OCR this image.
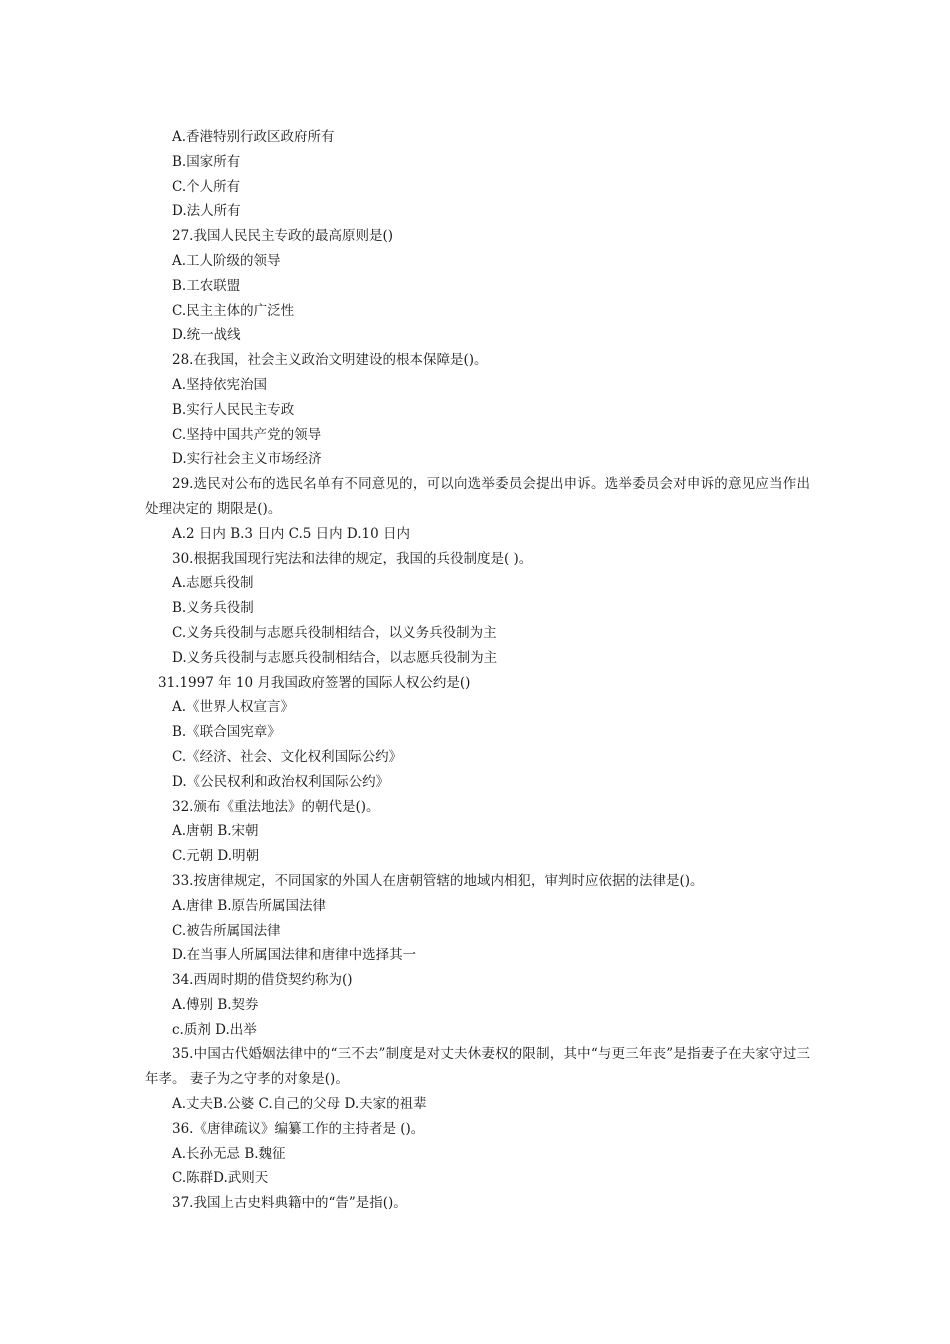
A.香港特别行政区政府所有
B.国家所有
C.个人所有
D.法人所有
27.我国人民民主专政的最高原则是()
A.工人阶级的领导
B.工农联盟
C.民主主体的广泛性
D.统一战线
28.在我国，社会主义政治文明建设的根本保障是()。
A.坚持依宪治国
B.实行人民民主专政
C.坚持中国共产党的领导
D.实行社会主义市场经济
29.选民对公布的选民名单有不同意见的，可以向选举委员会提出申诉。选举委员会对申诉的意见应当作出处理决定的 期限是()。
A.2 日内 B.3 日内 C.5 日内 D.10 日内
30.根据我国现行宪法和法律的规定，我国的兵役制度是( )。
A.志愿兵役制
B.义务兵役制
C.义务兵役制与志愿兵役制相结合，以义务兵役制为主
D.义务兵役制与志愿兵役制相结合，以志愿兵役制为主
31.1997 年 10 月我国政府签署的国际人权公约是()
A.《世界人权宣言》
B.《联合国宪章》
C.《经济、社会、文化权利国际公约》
D.《公民权利和政治权利国际公约》
32.颁布《重法地法》的朝代是()。
A.唐朝 B.宋朝
C.元朝 D.明朝
33.按唐律规定，不同国家的外国人在唐朝管辖的地域内相犯，审判时应依据的法律是()。
A.唐律 B.原告所属国法律
C.被告所属国法律
D.在当事人所属国法律和唐律中选择其一
34.西周时期的借贷契约称为()
A.傅别 B.契券
c.质剂 D.出举
35.中国古代婚姻法律中的“三不去”制度是对丈夫休妻权的限制，其中“与更三年丧”是指妻子在夫家守过三年孝。 妻子为之守孝的对象是()。
A.丈夫B.公婆 C.自己的父母 D.夫家的祖辈
36.《唐律疏议》编纂工作的主持者是 ()。
A.长孙无忌 B.魏征
C.陈群D.武则天
37.我国上古史料典籍中的“眚”是指()。
